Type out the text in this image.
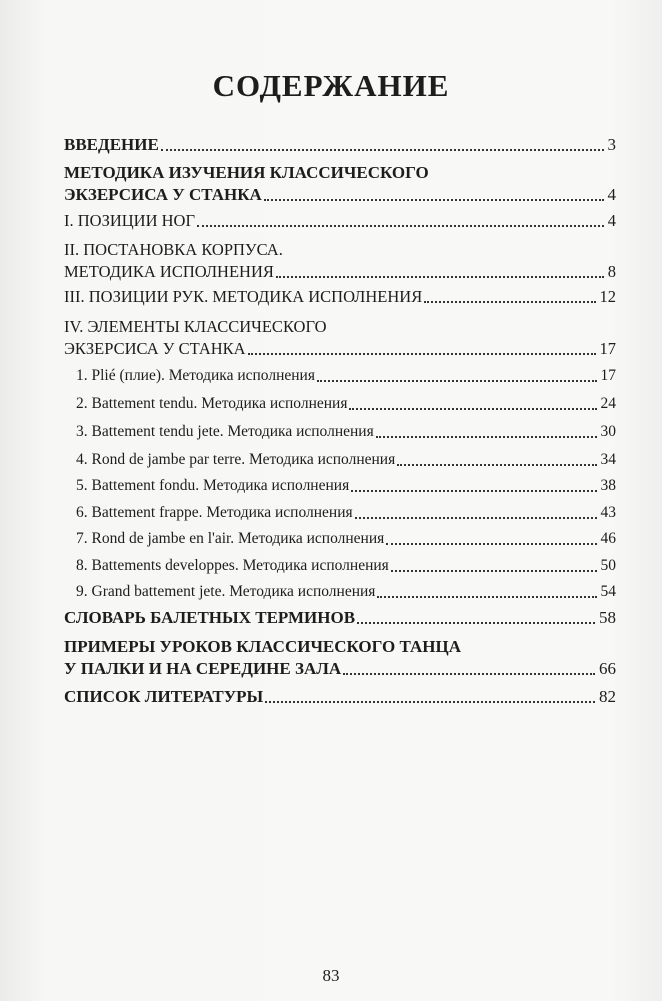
СОДЕРЖАНИЕ
ВВЕДЕНИЕ	3
МЕТОДИКА ИЗУЧЕНИЯ КЛАССИЧЕСКОГО
ЭКЗЕРСИСА У СТАНКА	4
I. ПОЗИЦИИ НОГ	4
II. ПОСТАНОВКА КОРПУСА.
МЕТОДИКА ИСПОЛНЕНИЯ	8
III. ПОЗИЦИИ РУК. МЕТОДИКА ИСПОЛНЕНИЯ	12
IV. ЭЛЕМЕНТЫ КЛАССИЧЕСКОГО
ЭКЗЕРСИСА У СТАНКА	17
1. Plié (плие). Методика исполнения	17
2. Battement tendu. Методика исполнения	24
3. Battement tendu jete. Методика исполнения	30
4. Rond de jambe par terre. Методика исполнения	34
5. Battement fondu. Методика исполнения	38
6. Battement frappe. Методика исполнения	43
7. Rond de jambe en l'air. Методика исполнения	46
8. Battements developpes. Методика исполнения	50
9. Grand battement jete. Методика исполнения	54
СЛОВАРЬ БАЛЕТНЫХ ТЕРМИНОВ	58
ПРИМЕРЫ УРОКОВ КЛАССИЧЕСКОГО ТАНЦА
У ПАЛКИ И НА СЕРЕДИНЕ ЗАЛА	66
СПИСОК ЛИТЕРАТУРЫ	82
83
